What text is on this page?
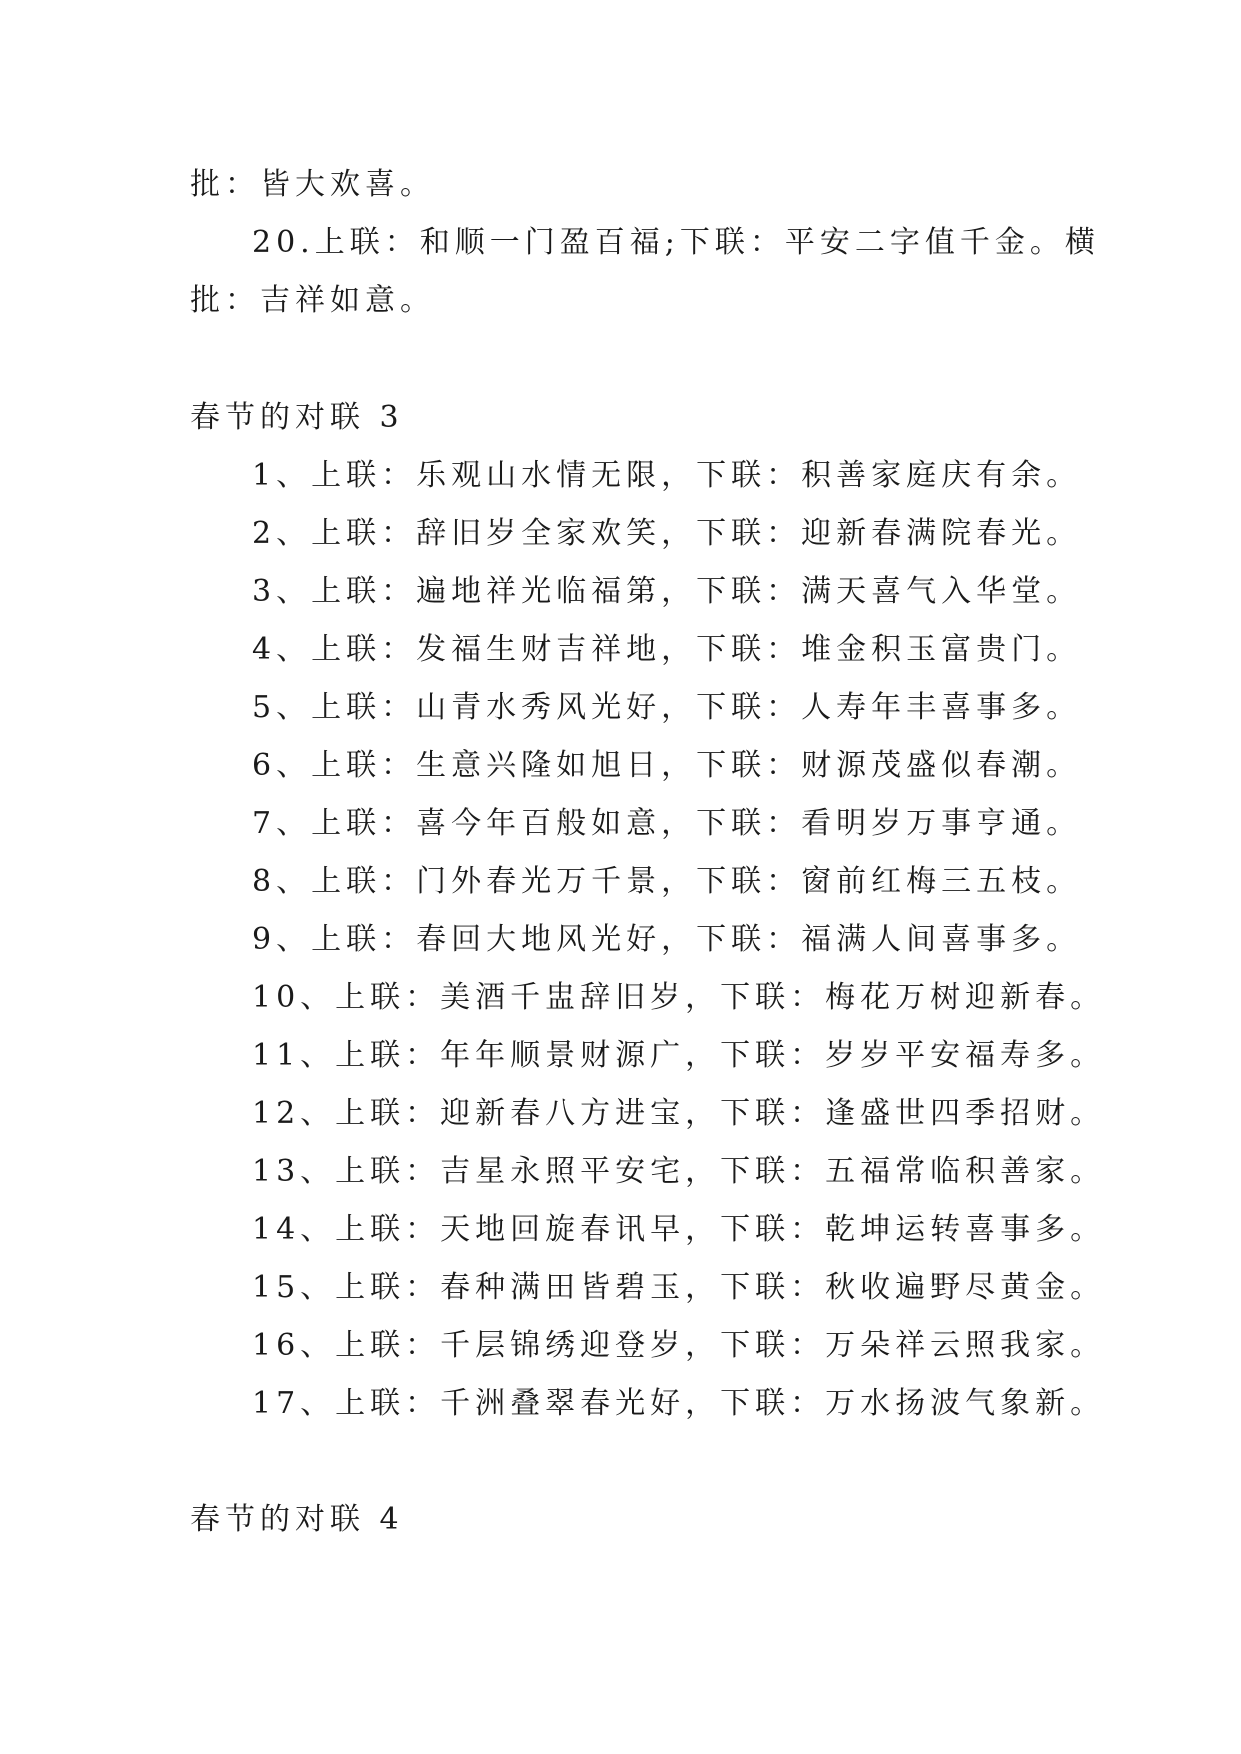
批：皆大欢喜。
20.上联：和顺一门盈百福;下联：平安二字值千金。横
批：吉祥如意。
春节的对联 3
1、上联：乐观山水情无限，下联：积善家庭庆有余。
2、上联：辞旧岁全家欢笑，下联：迎新春满院春光。
3、上联：遍地祥光临福第，下联：满天喜气入华堂。
4、上联：发福生财吉祥地，下联：堆金积玉富贵门。
5、上联：山青水秀风光好，下联：人寿年丰喜事多。
6、上联：生意兴隆如旭日，下联：财源茂盛似春潮。
7、上联：喜今年百般如意，下联：看明岁万事亨通。
8、上联：门外春光万千景，下联：窗前红梅三五枝。
9、上联：春回大地风光好，下联：福满人间喜事多。
10、上联：美酒千盅辞旧岁，下联：梅花万树迎新春。
11、上联：年年顺景财源广，下联：岁岁平安福寿多。
12、上联：迎新春八方进宝，下联：逢盛世四季招财。
13、上联：吉星永照平安宅，下联：五福常临积善家。
14、上联：天地回旋春讯早，下联：乾坤运转喜事多。
15、上联：春种满田皆碧玉，下联：秋收遍野尽黄金。
16、上联：千层锦绣迎登岁，下联：万朵祥云照我家。
17、上联：千洲叠翠春光好，下联：万水扬波气象新。
春节的对联 4
